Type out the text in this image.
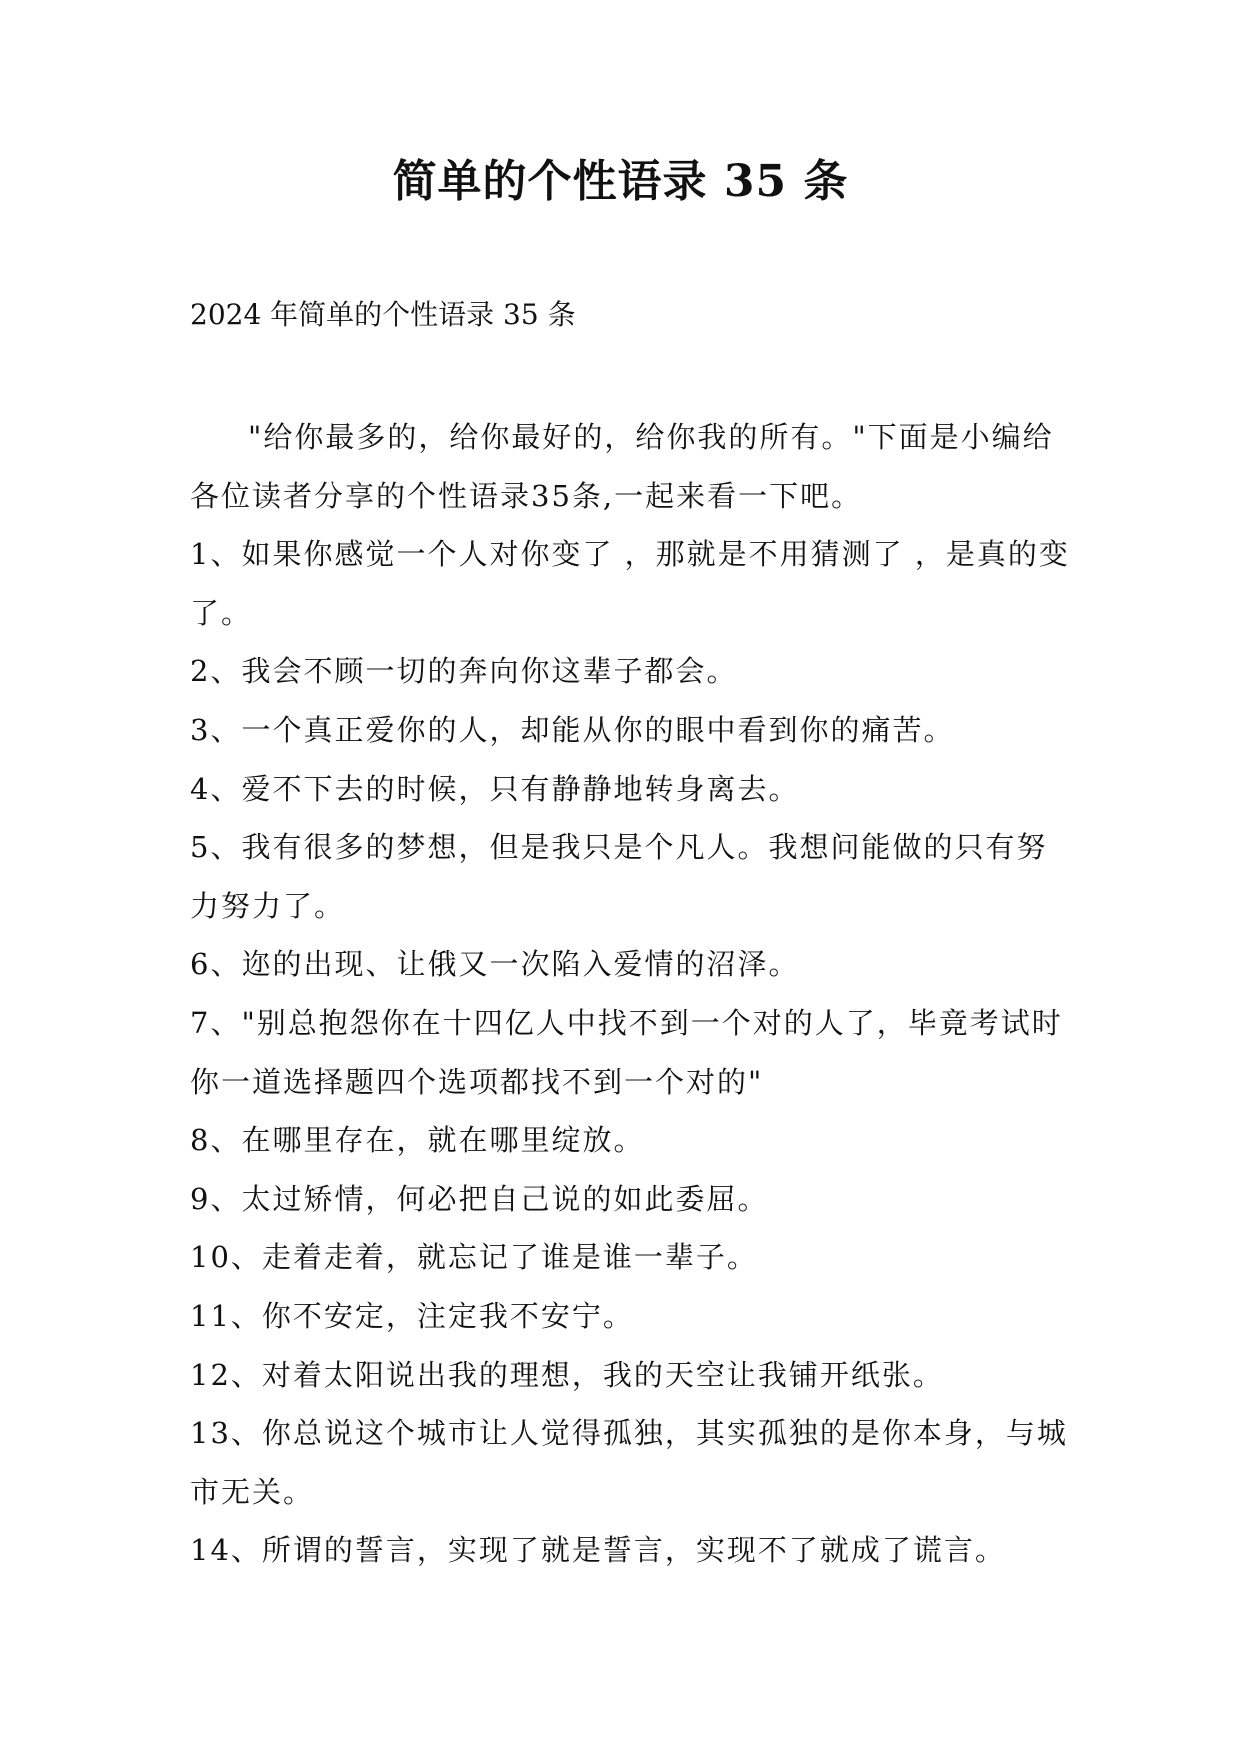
简单的个性语录 35 条
2024 年简单的个性语录 35 条

"给你最多的，给你最好的，给你我的所有。"下面是小编给各位读者分享的个性语录35条,一起来看一下吧。

1、如果你感觉一个人对你变了 ，那就是不用猜测了 ，是真的变了。

2、我会不顾一切的奔向你这辈子都会。

3、一个真正爱你的人，却能从你的眼中看到你的痛苦。

4、爱不下去的时候，只有静静地转身离去。

5、我有很多的梦想，但是我只是个凡人。我想问能做的只有努力努力了。

6、迩的出现、让俄又一次陷入爱情的沼泽。

7、"别总抱怨你在十四亿人中找不到一个对的人了，毕竟考试时你一道选择题四个选项都找不到一个对的"

8、在哪里存在，就在哪里绽放。

9、太过矫情，何必把自己说的如此委屈。

10、走着走着，就忘记了谁是谁一辈子。

11、你不安定，注定我不安宁。

12、对着太阳说出我的理想，我的天空让我铺开纸张。

13、你总说这个城市让人觉得孤独，其实孤独的是你本身，与城市无关。

14、所谓的誓言，实现了就是誓言，实现不了就成了谎言。
